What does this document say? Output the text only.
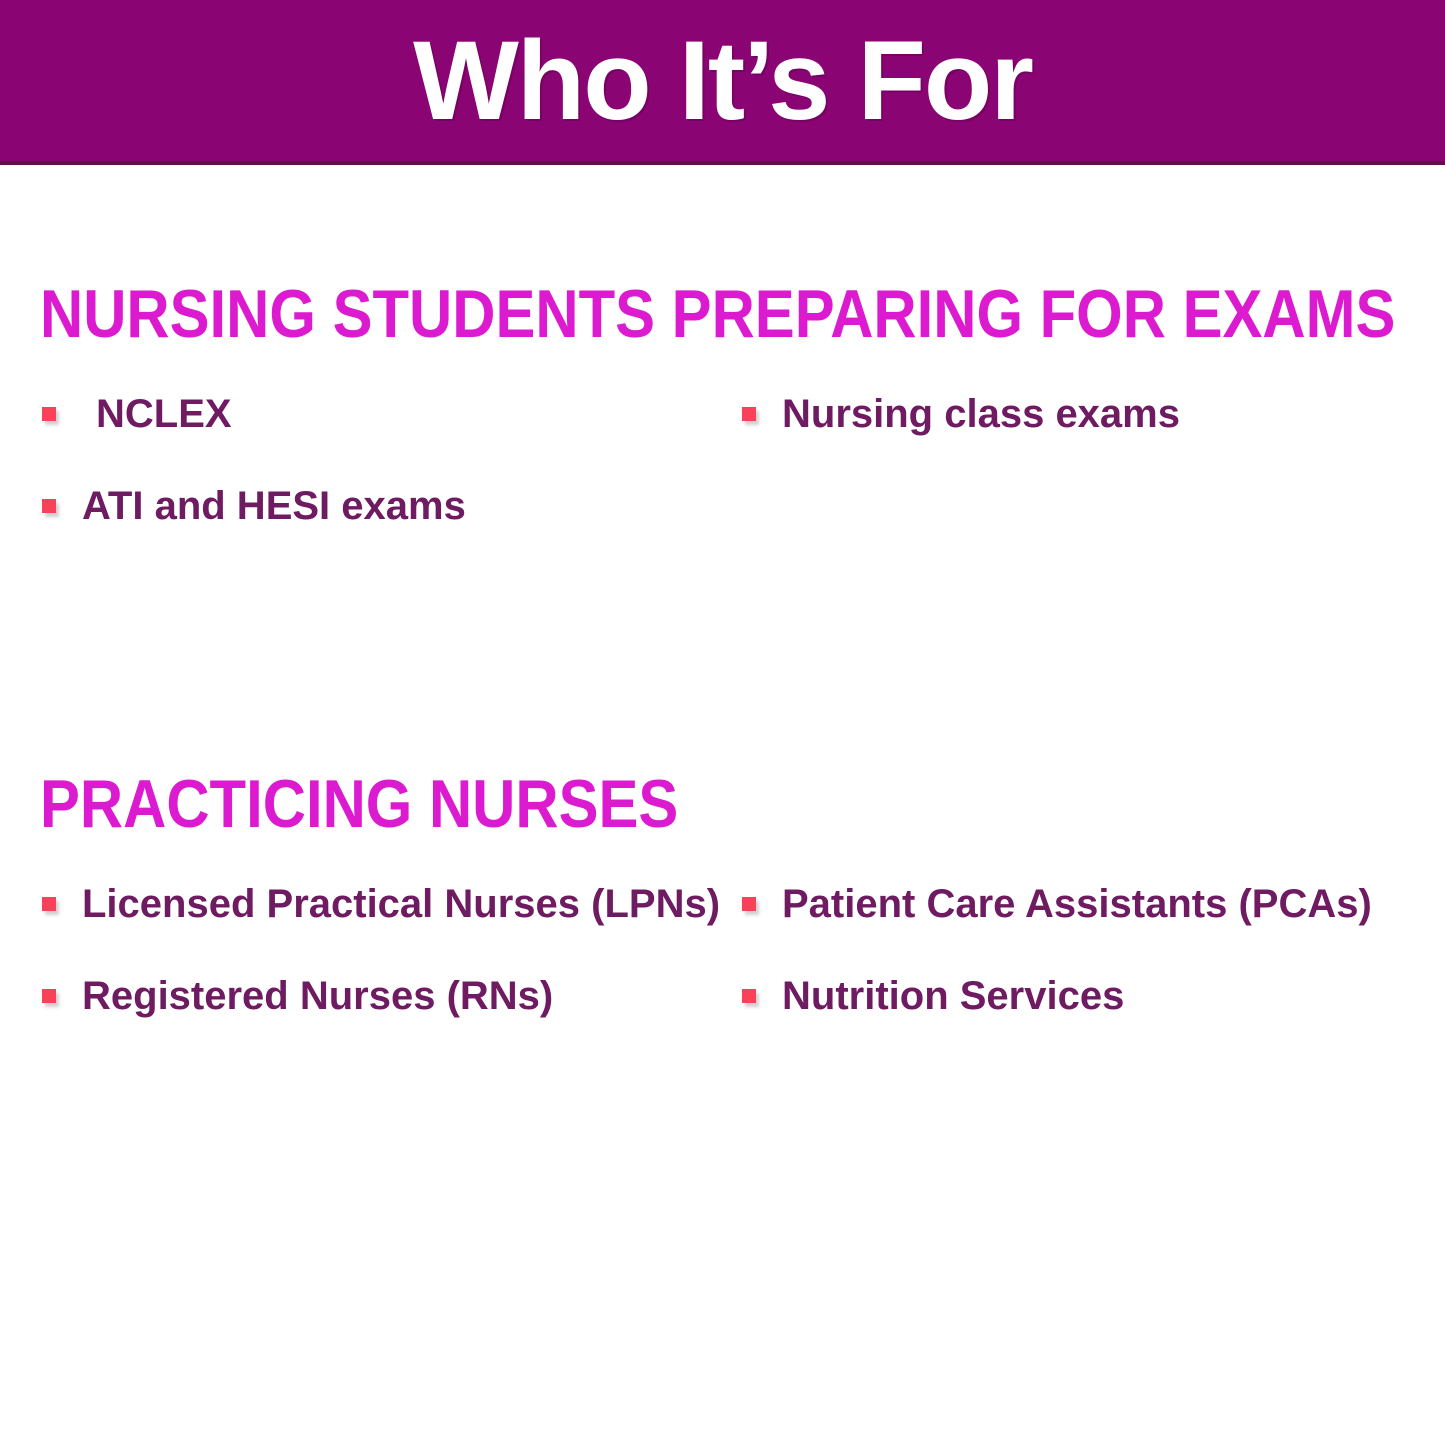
Who It’s For
NURSING STUDENTS PREPARING FOR EXAMS
NCLEX	Nursing class exams
ATI and HESI exams
PRACTICING NURSES
Licensed Practical Nurses (LPNs) Patient Care Assistants (PCAs)
Registered Nurses (RNs)	Nutrition Services
